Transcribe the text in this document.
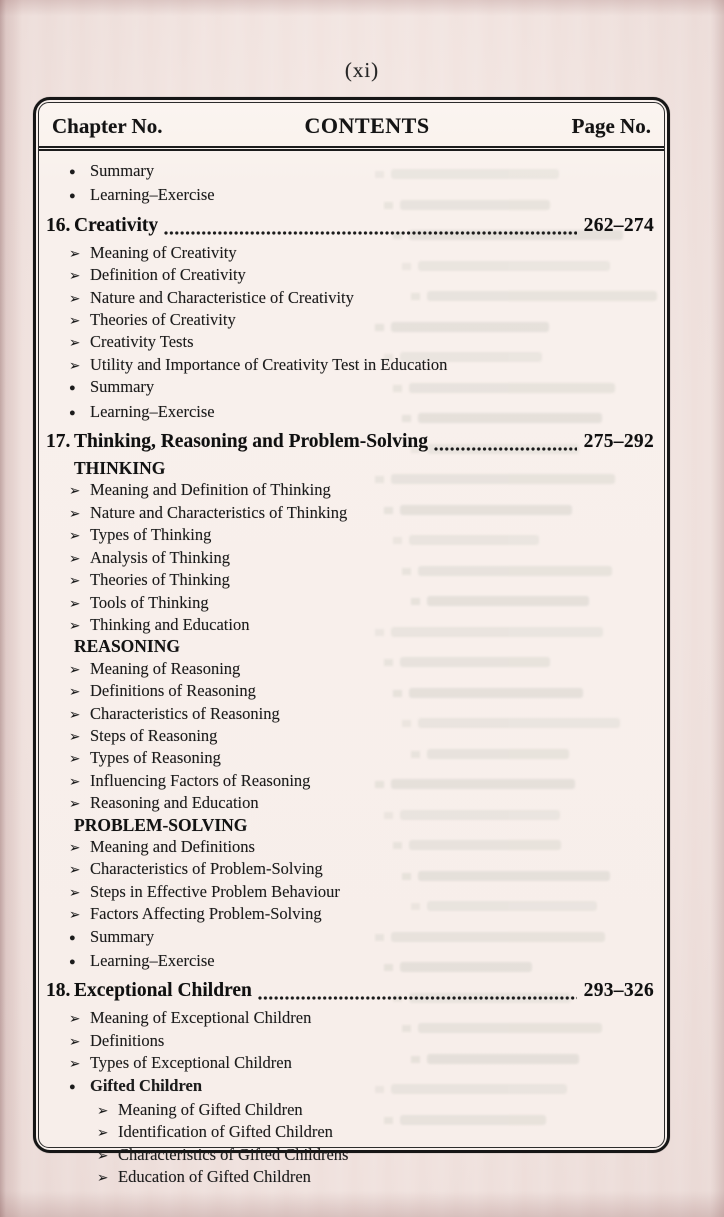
(xi)
Chapter No.	CONTENTS	Page No.
● Summary
● Learning–Exercise
16. Creativity	262–274
➢ Meaning of Creativity
➢ Definition of Creativity
➢ Nature and Characteristice of Creativity
➢ Theories of Creativity
➢ Creativity Tests
➢ Utility and Importance of Creativity Test in Education
● Summary
● Learning–Exercise
17. Thinking, Reasoning and Problem-Solving	275–292
THINKING
➢ Meaning and Definition of Thinking
➢ Nature and Characteristics of Thinking
➢ Types of Thinking
➢ Analysis of Thinking
➢ Theories of Thinking
➢ Tools of Thinking
➢ Thinking and Education
REASONING
➢ Meaning of Reasoning
➢ Definitions of Reasoning
➢ Characteristics of Reasoning
➢ Steps of Reasoning
➢ Types of Reasoning
➢ Influencing Factors of Reasoning
➢ Reasoning and Education
PROBLEM-SOLVING
➢ Meaning and Definitions
➢ Characteristics of Problem-Solving
➢ Steps in Effective Problem Behaviour
➢ Factors Affecting Problem-Solving
● Summary
● Learning–Exercise
18. Exceptional Children	293–326
➢ Meaning of Exceptional Children
➢ Definitions
➢ Types of Exceptional Children
● Gifted Children
➢ Meaning of Gifted Children
➢ Identification of Gifted Children
➢ Characteristics of Gifted Childrens
➢ Education of Gifted Children
